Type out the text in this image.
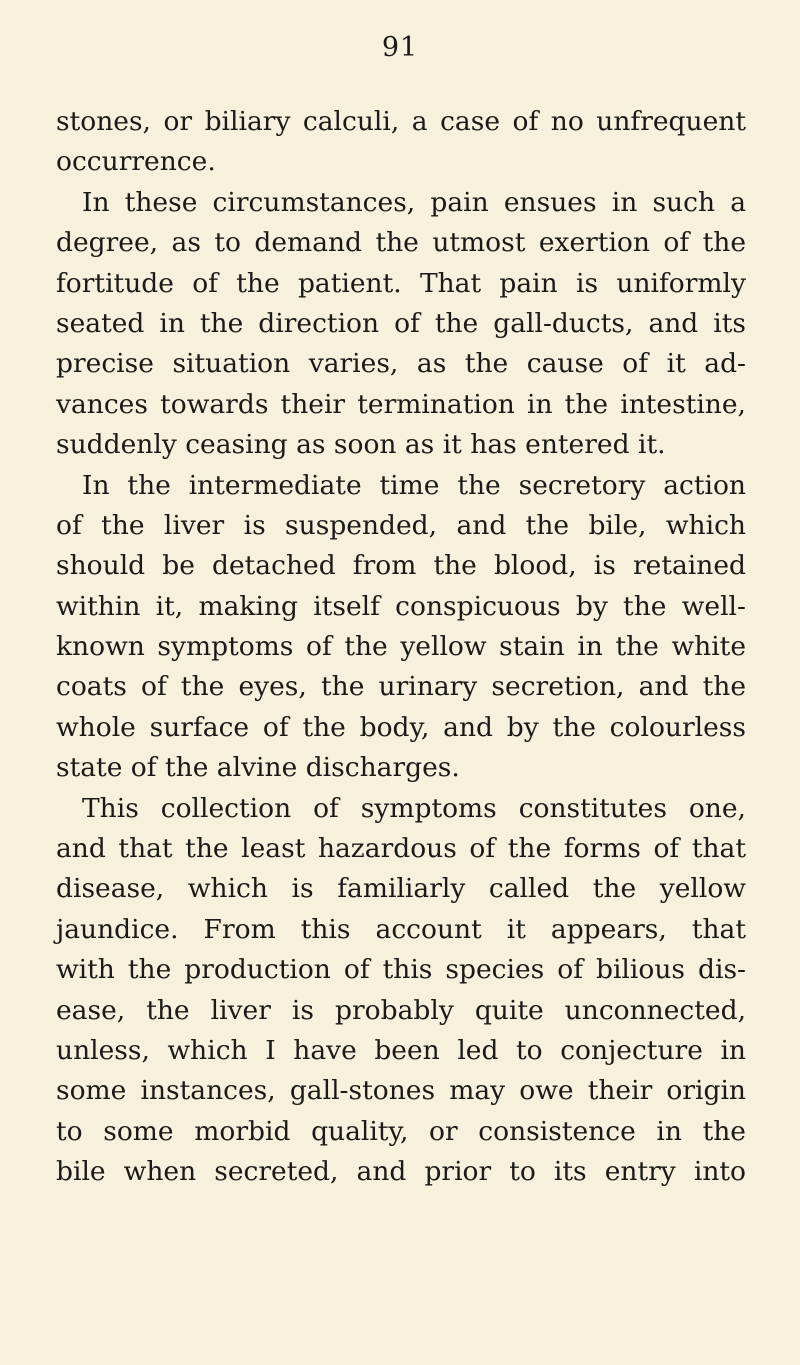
91
stones, or biliary calculi, a case of no unfrequent
occurrence.
In these circumstances, pain ensues in such a
degree, as to demand the utmost exertion of the
fortitude of the patient. That pain is uniformly
seated in the direction of the gall-ducts, and its
precise situation varies, as the cause of it ad-
vances towards their termination in the intestine,
suddenly ceasing as soon as it has entered it.
In the intermediate time the secretory action
of the liver is suspended, and the bile, which
should be detached from the blood, is retained
within it, making itself conspicuous by the well-
known symptoms of the yellow stain in the white
coats of the eyes, the urinary secretion, and the
whole surface of the body, and by the colourless
state of the alvine discharges.
This collection of symptoms constitutes one,
and that the least hazardous of the forms of that
disease, which is familiarly called the yellow
jaundice. From this account it appears, that
with the production of this species of bilious dis-
ease, the liver is probably quite unconnected,
unless, which I have been led to conjecture in
some instances, gall-stones may owe their origin
to some morbid quality, or consistence in the
bile when secreted, and prior to its entry into
